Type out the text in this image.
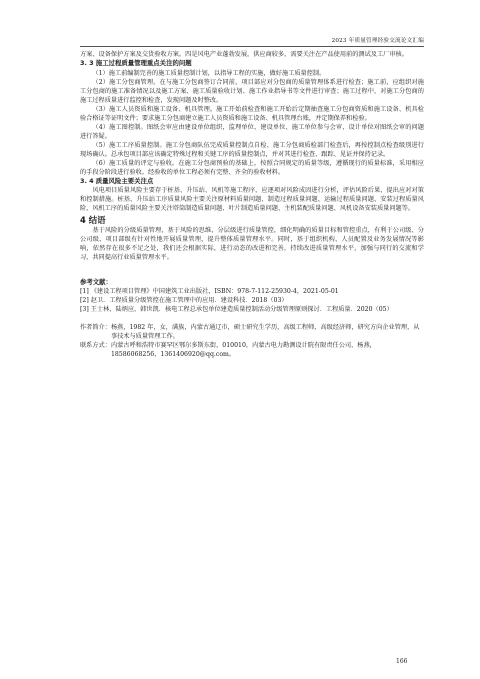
2023 年质量管理经验交流论文汇编

方案、设备保护方案及交货验收方案。四是风电产业蓬勃发展，供应商较多，需要关注在产品使用前的测试及工厂审核。

3. 3 施工过程质量管理重点关注的问题

（1）施工前编制完善的施工质量控制计划，以指导工程的实施，做好施工质量控制。

（2）施工分包商管理。在与施工分包商签订合同前，项目部应对分包商的质量管理体系进行检查；施工前，应组织对施工分包商的施工准备情况以及施工方案、施工质量验收计划、施工作业指导书等文件进行审查；施工过程中，对施工分包商的施工过程质量进行监控和检查，发现问题及时整改。

（3）施工人员资质和施工设备、机具管理。施工开始前检查和施工开始后定期抽查施工分包商资质和施工设备、机具检验合格证等证明文件；要求施工分包商建立施工人员资质和施工设备、机具管理台账，并定期保养和检验。

（4）施工图控制。图纸会审应由建设单位组织，监理单位、建设单位、施工单位参与会审，设计单位对图纸会审的问题进行答疑。

（5）施工工序质量控制。施工分包商队伍完成质量控制点自检、施工分包商质检部门检查后，再按控制点检查级别进行现场确认。总承包项目部应该确定特殊过程和关键工序的质量控制点，并对其进行检查、跟踪、见证并保持记录。

（6）施工质量的评定与验收。在施工分包商预验的基础上，按照合同规定的质量等级，遵循现行的质量标准，采用相应的手段分阶段进行验收。经验收的单位工程必须有完整、齐全的验收材料。

3. 4 质量风险主要关注点

风电项目质量风险主要存于桩基、升压站、风机等施工程序，应逐项对风险成因进行分析，评估风险后果，提出应对对策和控制措施。桩基、升压站工序质量风险主要关注原材料质量问题、制造过程质量问题、运输过程质量问题、安装过程质量风险，风机工序的质量风险主要关注塔筒制造质量问题、叶片制造质量问题、主机装配质量问题、风机设备安装质量问题等。

4 结语

基于风险的分级质量管理，基于风险的思维，分层级进行质量管控，细化明确的质量目标和管控重点，有利于公司级、分公司级、项目部级有针对性地开展质量管理，提升整体质量管理水平。同时，基于组织机构、人员配置及业务发展情况等影响，依然存在很多不足之处，我们还会根据实际，进行动态的改进和完善，持续改进质量管理水平，加强与同行的交流和学习，共同提高行业质量管理水平。

参考文献：
[1] 《建设工程项目管理》中国建筑工业出版社，ISBN：978-7-112-25930-4，2021-05-01
[2] 赵卫．工程质量分级管控在施工管理中的应用．建设科技．2018（03）
[3] 王士林，陆炳应，韩世凯．核电工程总承包单位建造质量控制活动分级管理原则探讨．工程质量．2020（05）
作者简介： 杨燕，1982 年，女，满族，内蒙古通辽市，硕士研究生学历，高级工程师，高级经济师，研究方向企业管理，从事技术与质量管理工作。
联系方式： 内蒙古呼和浩特市赛罕区鄂尔多斯东街，010010，内蒙古电力勘测设计院有限责任公司，杨燕，18586068256，1361406920@qq.com。
166
